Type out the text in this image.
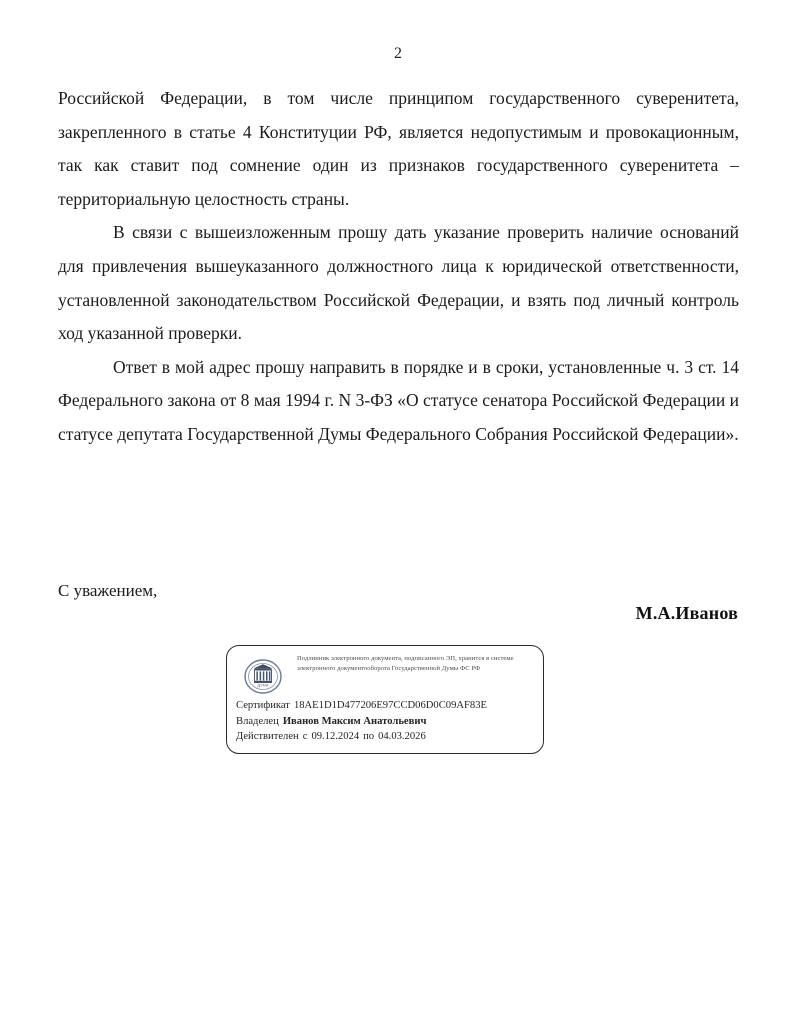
2

Российской Федерации, в том числе принципом государственного суверенитета, закрепленного в статье 4 Конституции РФ, является недопустимым и провокационным, так как ставит под сомнение один из признаков государственного суверенитета – территориальную целостность страны.

В связи с вышеизложенным прошу дать указание проверить наличие оснований для привлечения вышеуказанного должностного лица к юридической ответственности, установленной законодательством Российской Федерации, и взять под личный контроль ход указанной проверки.

Ответ в мой адрес прошу направить в порядке и в сроки, установленные ч. 3 ст. 14 Федерального закона от 8 мая 1994 г. N 3-ФЗ «О статусе сенатора Российской Федерации и статусе депутата Государственной Думы Федерального Собрания Российской Федерации».

С уважением,
М.А.Иванов
ДУМА
Подлинник электронного документа, подписанного ЭП, хранится в системе электронного документооборота Государственной Думы ФС РФ
Сертификат 18AE1D1D477206E97CCD06D0C09AF83E
Владелец Иванов Максим Анатольевич
Действителен с 09.12.2024 по 04.03.2026
